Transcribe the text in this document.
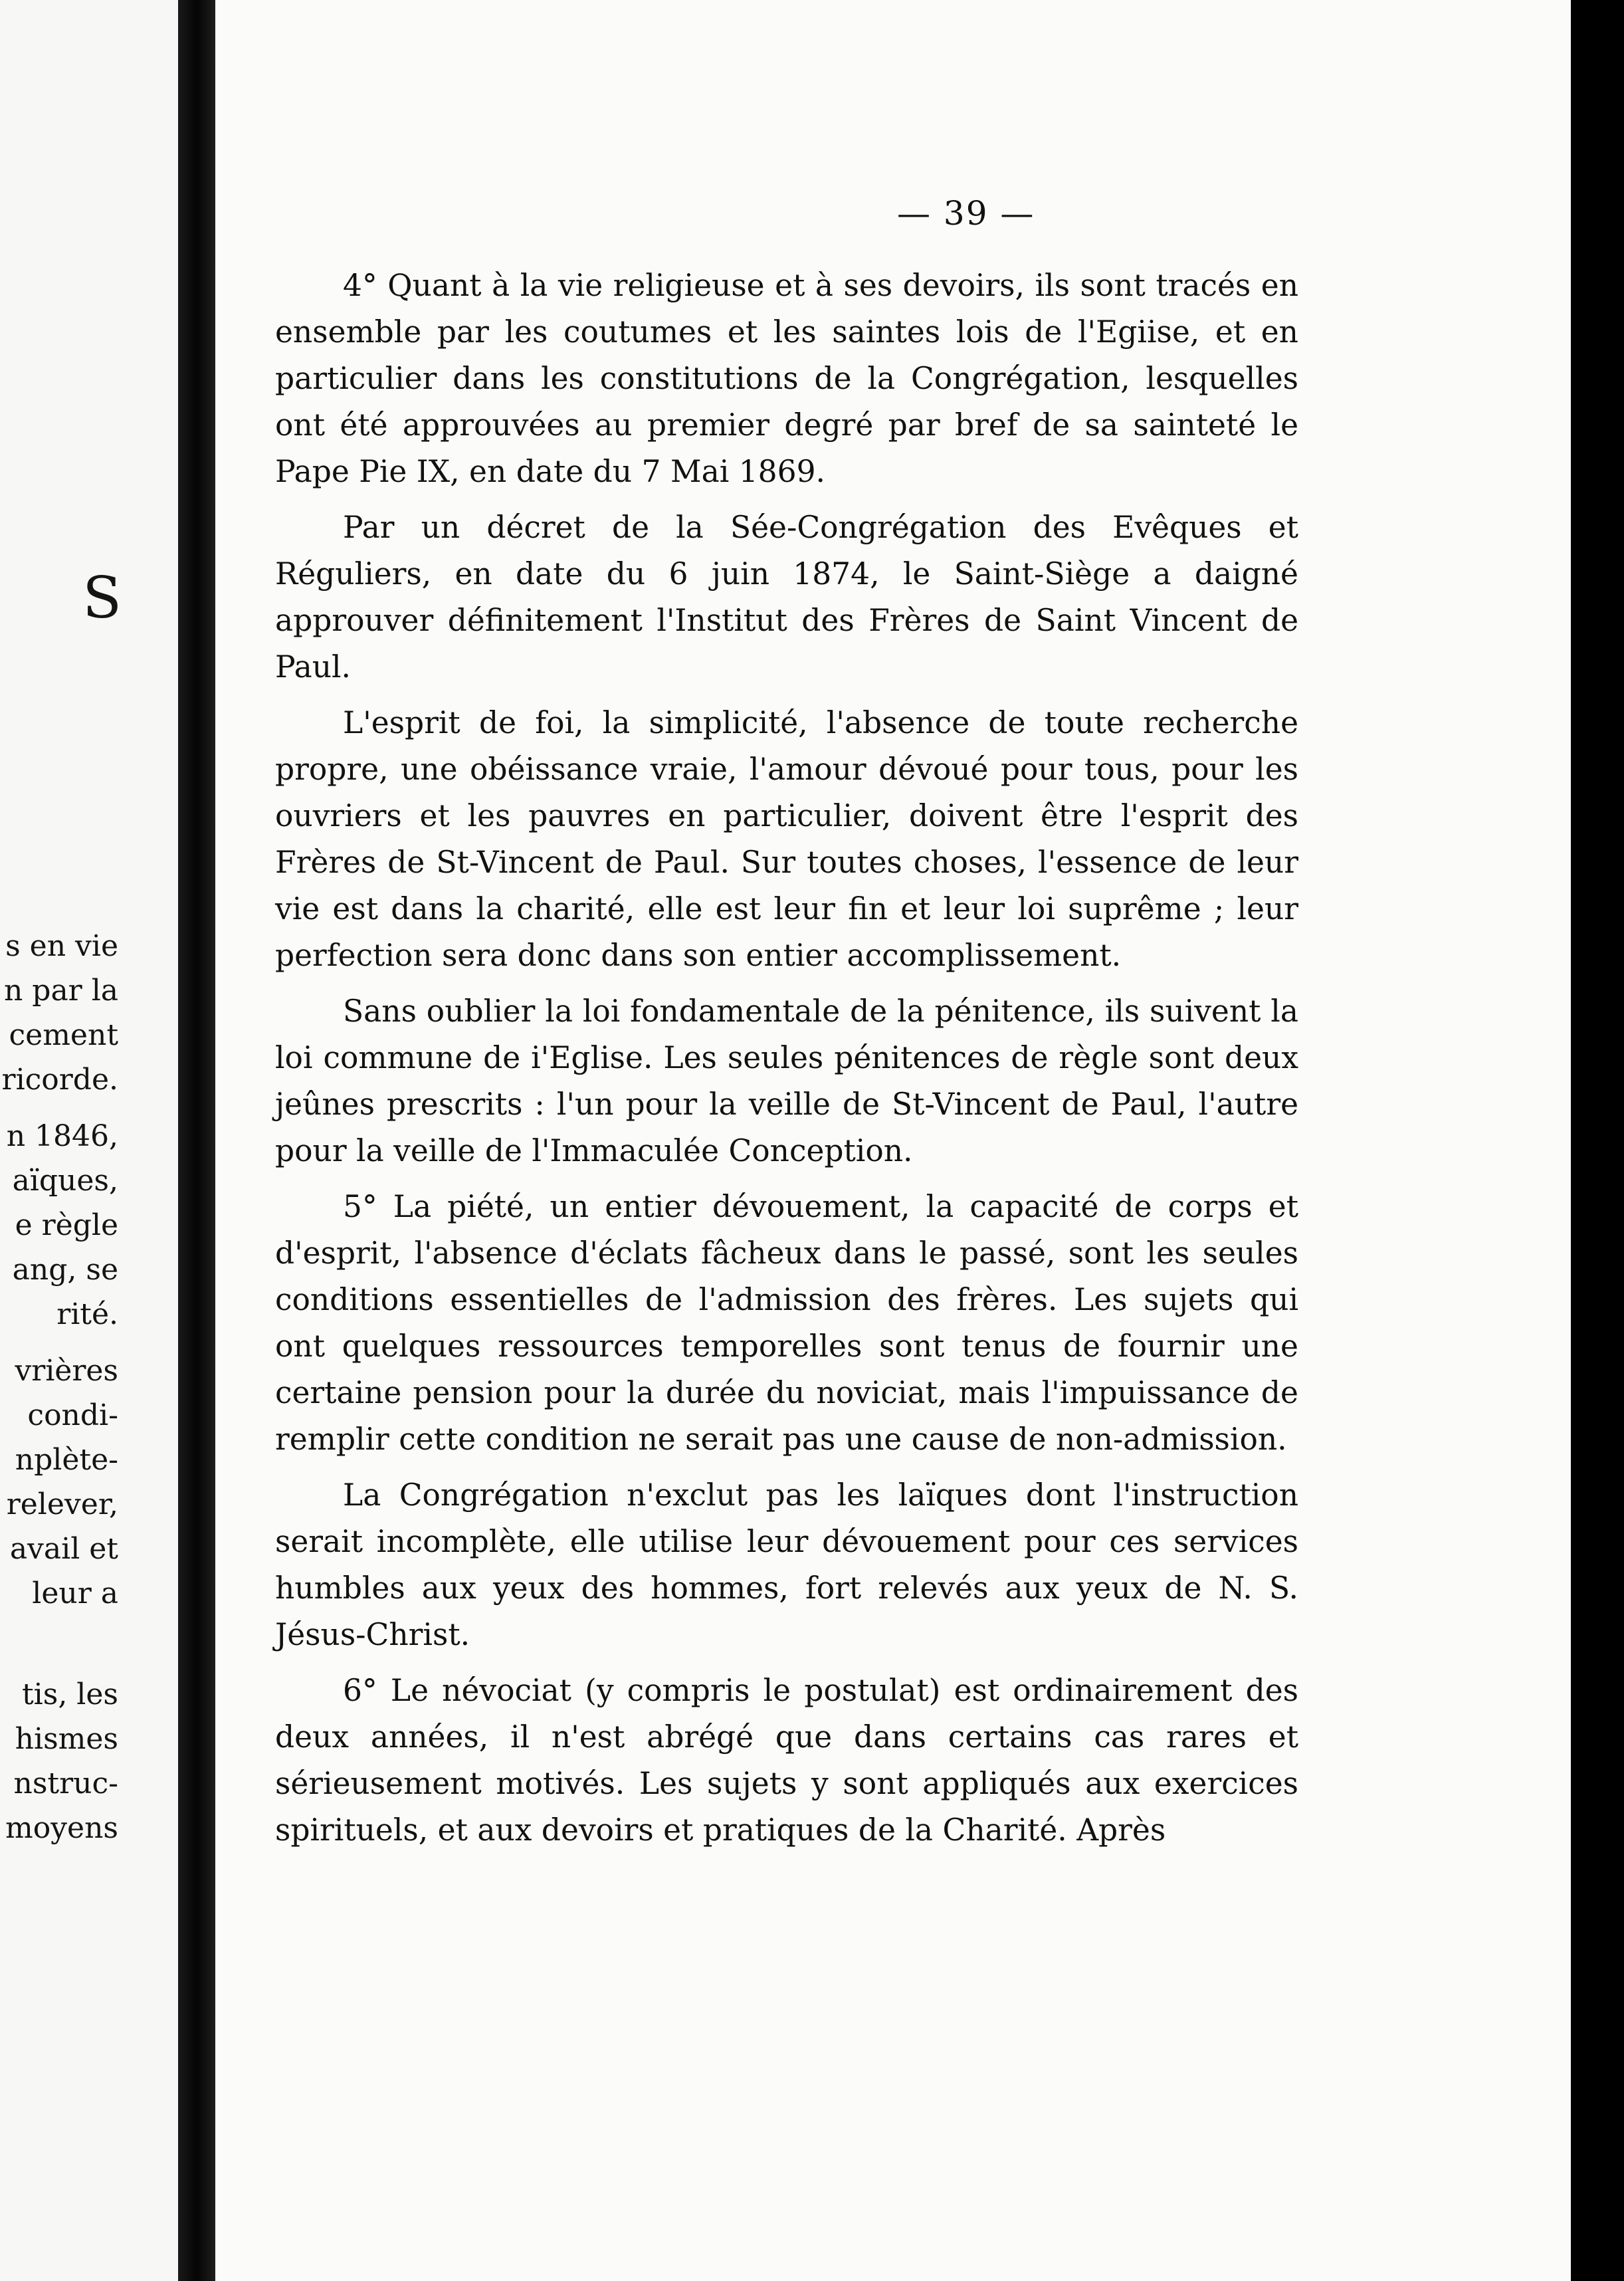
S
s en vie
n par la
cement
ricorde.
n 1846,
aïques,
e règle
ang, se
rité.
vrières
condi-
nplète-
relever,
avail et
leur a

tis, les
hismes
nstruc-
moyens
— 39 —

4° Quant à la vie religieuse et à ses devoirs, ils sont tracés en ensemble par les coutumes et les saintes lois de l'Egiise, et en particulier dans les constitutions de la Congrégation, lesquelles ont été approuvées au premier degré par bref de sa sainteté le Pape Pie IX, en date du 7 Mai 1869.

Par un décret de la Sée-Congrégation des Evêques et Réguliers, en date du 6 juin 1874, le Saint-Siège a daigné approuver définitement l'Institut des Frères de Saint Vincent de Paul.

L'esprit de foi, la simplicité, l'absence de toute recherche propre, une obéissance vraie, l'amour dévoué pour tous, pour les ouvriers et les pauvres en particulier, doivent être l'esprit des Frères de St-Vincent de Paul. Sur toutes choses, l'essence de leur vie est dans la charité, elle est leur fin et leur loi suprême ; leur perfection sera donc dans son entier accomplissement.

Sans oublier la loi fondamentale de la pénitence, ils suivent la loi commune de i'Eglise. Les seules pénitences de règle sont deux jeûnes prescrits : l'un pour la veille de St-Vincent de Paul, l'autre pour la veille de l'Immaculée Conception.

5° La piété, un entier dévouement, la capacité de corps et d'esprit, l'absence d'éclats fâcheux dans le passé, sont les seules conditions essentielles de l'admission des frères. Les sujets qui ont quelques ressources temporelles sont tenus de fournir une certaine pension pour la durée du noviciat, mais l'impuissance de remplir cette condition ne serait pas une cause de non-admission.

La Congrégation n'exclut pas les laïques dont l'instruction serait incomplète, elle utilise leur dévouement pour ces services humbles aux yeux des hommes, fort relevés aux yeux de N. S. Jésus-Christ.

6° Le névociat (y compris le postulat) est ordinairement des deux années, il n'est abrégé que dans certains cas rares et sérieusement motivés. Les sujets y sont appliqués aux exercices spirituels, et aux devoirs et pratiques de la Charité. Après
